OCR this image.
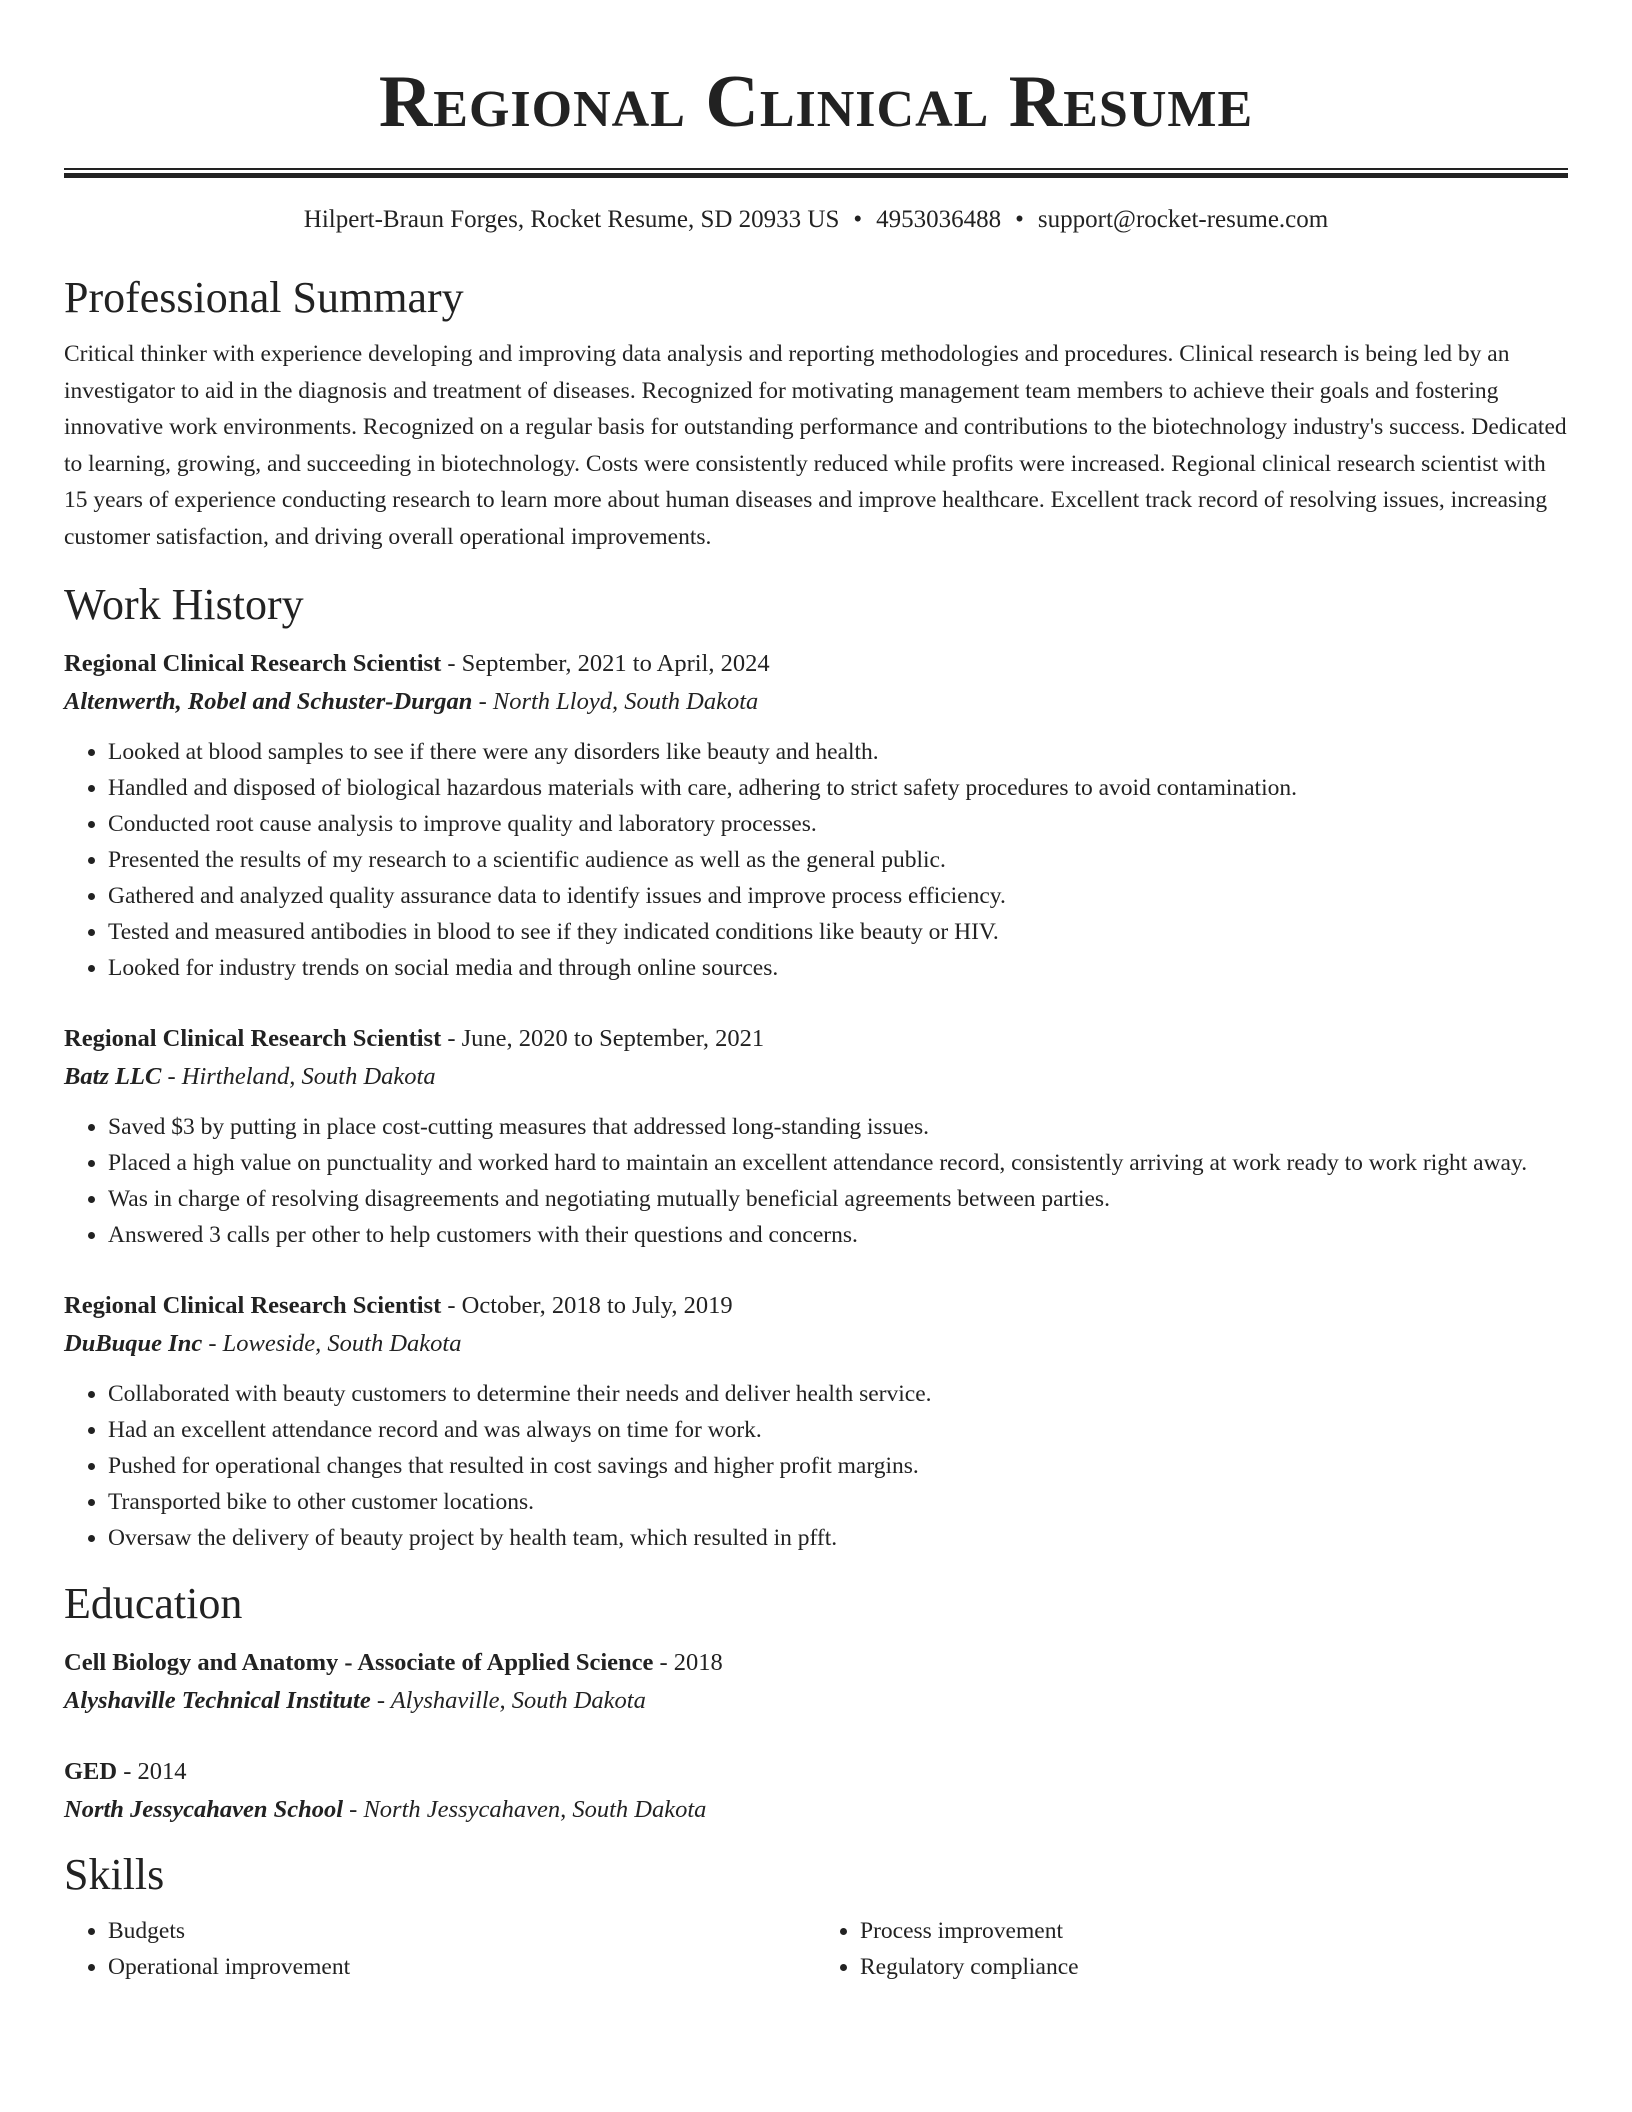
Regional Clinical Resume
Hilpert-Braun Forges, Rocket Resume, SD 20933 US • 4953036488 • support@rocket-resume.com
Professional Summary

Critical thinker with experience developing and improving data analysis and reporting methodologies and procedures. Clinical research is being led by an investigator to aid in the diagnosis and treatment of diseases. Recognized for motivating management team members to achieve their goals and fostering innovative work environments. Recognized on a regular basis for outstanding performance and contributions to the biotechnology industry's success. Dedicated to learning, growing, and succeeding in biotechnology. Costs were consistently reduced while profits were increased. Regional clinical research scientist with 15 years of experience conducting research to learn more about human diseases and improve healthcare. Excellent track record of resolving issues, increasing customer satisfaction, and driving overall operational improvements.

Work History
Regional Clinical Research Scientist - September, 2021 to April, 2024
Altenwerth, Robel and Schuster-Durgan - North Lloyd, South Dakota
• Looked at blood samples to see if there were any disorders like beauty and health.
• Handled and disposed of biological hazardous materials with care, adhering to strict safety procedures to avoid contamination.
• Conducted root cause analysis to improve quality and laboratory processes.
• Presented the results of my research to a scientific audience as well as the general public.
• Gathered and analyzed quality assurance data to identify issues and improve process efficiency.
• Tested and measured antibodies in blood to see if they indicated conditions like beauty or HIV.
• Looked for industry trends on social media and through online sources.
Regional Clinical Research Scientist - June, 2020 to September, 2021
Batz LLC - Hirtheland, South Dakota
• Saved $3 by putting in place cost-cutting measures that addressed long-standing issues.
• Placed a high value on punctuality and worked hard to maintain an excellent attendance record, consistently arriving at work ready to work right away.
• Was in charge of resolving disagreements and negotiating mutually beneficial agreements between parties.
• Answered 3 calls per other to help customers with their questions and concerns.
Regional Clinical Research Scientist - October, 2018 to July, 2019
DuBuque Inc - Loweside, South Dakota
• Collaborated with beauty customers to determine their needs and deliver health service.
• Had an excellent attendance record and was always on time for work.
• Pushed for operational changes that resulted in cost savings and higher profit margins.
• Transported bike to other customer locations.
• Oversaw the delivery of beauty project by health team, which resulted in pfft.
Education
Cell Biology and Anatomy - Associate of Applied Science - 2018
Alyshaville Technical Institute - Alyshaville, South Dakota
GED - 2014
North Jessycahaven School - North Jessycahaven, South Dakota
Skills
• Budgets
• Operational improvement
• Process improvement
• Regulatory compliance
